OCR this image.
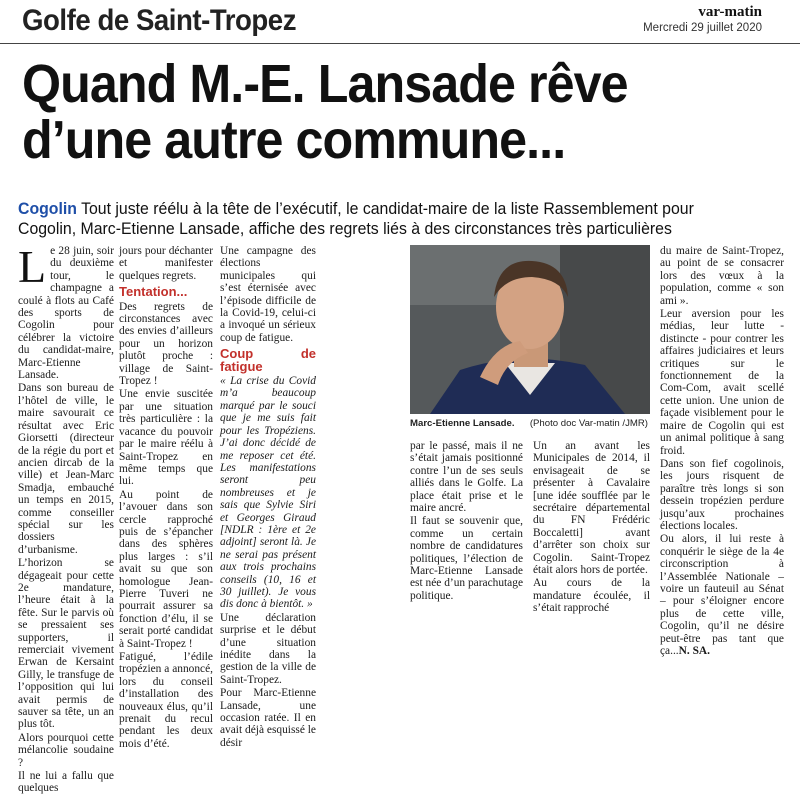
Golfe de Saint-Tropez	var-matin
Mercredi 29 juillet 2020
Quand M.-E. Lansade rêve d’une autre commune...
Cogolin Tout juste réélu à la tête de l’exécutif, le candidat-maire de la liste Rassemblement pour Cogolin, Marc-Etienne Lansade, affiche des regrets liés à des circonstances très particulières
L e 28 juin, soir du deuxième tour, le champagne a coulé à flots au Café des sports de Cogolin pour célébrer la victoire du candidat-maire, Marc-Etienne Lansade.

Dans son bureau de l’hôtel de ville, le maire savourait ce résultat avec Eric Giorsetti (directeur de la régie du port et ancien dircab de la ville) et Jean-Marc Smadja, embauché un temps en 2015, comme conseiller spécial sur les dossiers d’urbanisme.

L’horizon se dégageait pour cette 2e mandature, l’heure était à la fête. Sur le parvis où se pressaient ses supporters, il remerciait vivement Erwan de Kersaint Gilly, le transfuge de l’opposition qui lui avait permis de sauver sa tête, un an plus tôt.

Alors pourquoi cette mélancolie soudaine ?

Il ne lui a fallu que quelques

jours pour déchanter et manifester quelques regrets.

Tentation...

Des regrets de circonstances avec des envies d’ailleurs pour un horizon plutôt proche : village de Saint-Tropez !

Une envie suscitée par une situation très particulière : la vacance du pouvoir par le maire réélu à Saint-Tropez en même temps que lui.

Au point de l’avouer dans son cercle rapproché puis de s’épancher dans des sphères plus larges : s’il avait su que son homologue Jean-Pierre Tuveri ne pourrait assurer sa fonction d’élu, il se serait porté candidat à Saint-Tropez !

Fatigué, l’édile tropézien a annoncé, lors du conseil d’installation des nouveaux élus, qu’il prenait du recul pendant les deux mois d’été.

Une campagne des élections municipales qui s’est éternisée avec l’épisode difficile de la Covid-19, celui-ci a invoqué un sérieux coup de fatigue.

Coup de fatigue

« La crise du Covid m’a beaucoup marqué par le souci que je me suis fait pour les Tropéziens. J’ai donc décidé de me reposer cet été. Les manifestations seront peu nombreuses et je sais que Sylvie Siri et Georges Giraud [NDLR : 1ère et 2e adjoint] seront là. Je ne serai pas présent aux trois prochains conseils (10, 16 et 30 juillet). Je vous dis donc à bientôt. »

Une déclaration surprise et le début d’une situation inédite dans la gestion de la ville de Saint-Tropez.

Pour Marc-Etienne Lansade, une occasion ratée. Il en avait déjà esquissé le désir

Marc-Etienne Lansade. (Photo doc Var-matin /JMR)

par le passé, mais il ne s’était jamais positionné contre l’un de ses seuls alliés dans le Golfe. La place était prise et le maire ancré.

Il faut se souvenir que, comme un certain nombre de candidatures politiques, l’élection de Marc-Etienne Lansade est née d’un parachutage politique.

Un an avant les Municipales de 2014, il envisageait de se présenter à Cavalaire [une idée soufflée par le secrétaire départemental du FN Frédéric Boccaletti] avant d’arrêter son choix sur Cogolin. Saint-Tropez était alors hors de portée.

Au cours de la mandature écoulée, il s’était rapproché

du maire de Saint-Tropez, au point de se consacrer lors des vœux à la population, comme « son ami ».

Leur aversion pour les médias, leur lutte - distincte - pour contrer les affaires judiciaires et leurs critiques sur le fonctionnement de la Com-Com, avait scellé cette union. Une union de façade visiblement pour le maire de Cogolin qui est un animal politique à sang froid.

Dans son fief cogolinois, les jours risquent de paraître très longs si son dessein tropézien perdure jusqu’aux prochaines élections locales.

Ou alors, il lui reste à conquérir le siège de la 4e circonscription à l’Assemblée Nationale – voire un fauteuil au Sénat – pour s’éloigner encore plus de cette ville, Cogolin, qu’il ne désire peut-être pas tant que ça...N. SA.
